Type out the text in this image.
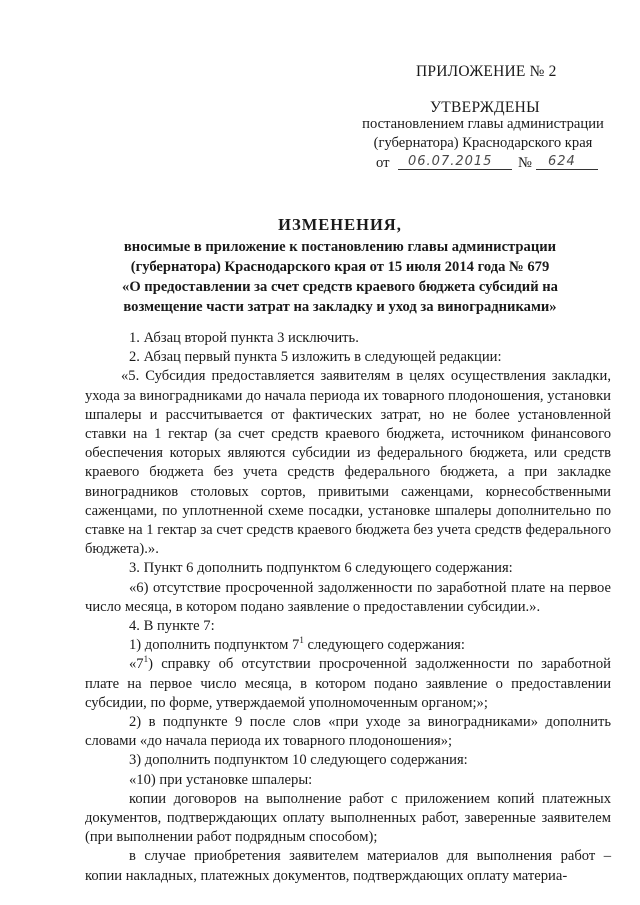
ПРИЛОЖЕНИЕ № 2
УТВЕРЖДЕНЫ
постановлением главы администрации
(губернатора) Краснодарского края
от 06.07.2015 № 624
ИЗМЕНЕНИЯ,
вносимые в приложение к постановлению главы администрации
(губернатора) Краснодарского края от 15 июля 2014 года № 679
«О предоставлении за счет средств краевого бюджета субсидий на
возмещение части затрат на закладку и уход за виноградниками»

1. Абзац второй пункта 3 исключить.

2. Абзац первый пункта 5 изложить в следующей редакции:

«5. Субсидия предоставляется заявителям в целях осуществления закладки, ухода за виноградниками до начала периода их товарного плодоношения, установки шпалеры и рассчитывается от фактических затрат, но не более установленной ставки на 1 гектар (за счет средств краевого бюджета, источником финансового обеспечения которых являются субсидии из федерального бюджета, или средств краевого бюджета без учета средств федерального бюджета, а при закладке виноградников столовых сортов, привитыми саженцами, корнесобственными саженцами, по уплотненной схеме посадки, установке шпалеры дополнительно по ставке на 1 гектар за счет средств краевого бюджета без учета средств федерального бюджета).».

3. Пункт 6 дополнить подпунктом 6 следующего содержания:

«6) отсутствие просроченной задолженности по заработной плате на первое число месяца, в котором подано заявление о предоставлении субсидии.».

4. В пункте 7:

1) дополнить подпунктом $7^1$ следующего содержания:

«$7^1$) справку об отсутствии просроченной задолженности по заработной плате на первое число месяца, в котором подано заявление о предоставлении субсидии, по форме, утверждаемой уполномоченным органом;»;

2) в подпункте 9 после слов «при уходе за виноградниками» дополнить словами «до начала периода их товарного плодоношения»;

3) дополнить подпунктом 10 следующего содержания:

«10) при установке шпалеры:

копии договоров на выполнение работ с приложением копий платежных документов, подтверждающих оплату выполненных работ, заверенные заявителем (при выполнении работ подрядным способом);

в случае приобретения заявителем материалов для выполнения работ – копии накладных, платежных документов, подтверждающих оплату материа-
